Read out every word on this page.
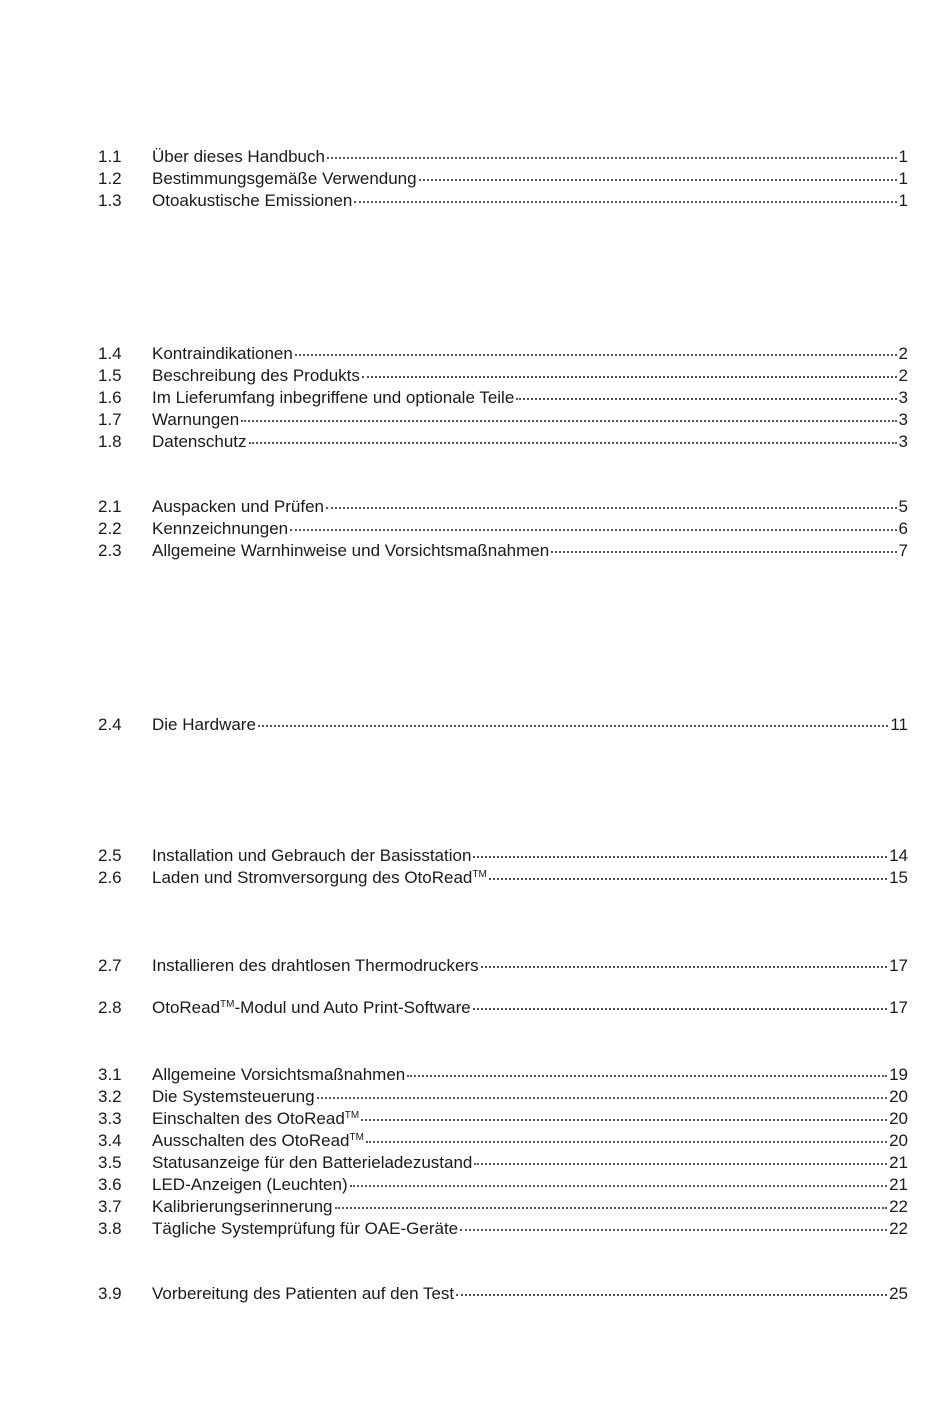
1.1	Über dieses Handbuch	1
1.2	Bestimmungsgemäße Verwendung	1
1.3	Otoakustische Emissionen	1
1.4	Kontraindikationen	2
1.5	Beschreibung des Produkts	2
1.6	Im Lieferumfang inbegriffene und optionale Teile	3
1.7	Warnungen	3
1.8	Datenschutz	3
2.1	Auspacken und Prüfen	5
2.2	Kennzeichnungen	6
2.3	Allgemeine Warnhinweise und Vorsichtsmaßnahmen	7
2.4	Die Hardware	11
2.5	Installation und Gebrauch der Basisstation	14
2.6	Laden und Stromversorgung des OtoRead™	15
2.7	Installieren des drahtlosen Thermodruckers	17
2.8	OtoRead™-Modul und Auto Print-Software	17
3.1	Allgemeine Vorsichtsmaßnahmen	19
3.2	Die Systemsteuerung	20
3.3	Einschalten des OtoRead™	20
3.4	Ausschalten des OtoRead™	20
3.5	Statusanzeige für den Batterieladezustand	21
3.6	LED-Anzeigen (Leuchten)	21
3.7	Kalibrierungserinnerung	22
3.8	Tägliche Systemprüfung für OAE-Geräte	22
3.9	Vorbereitung des Patienten auf den Test	25
